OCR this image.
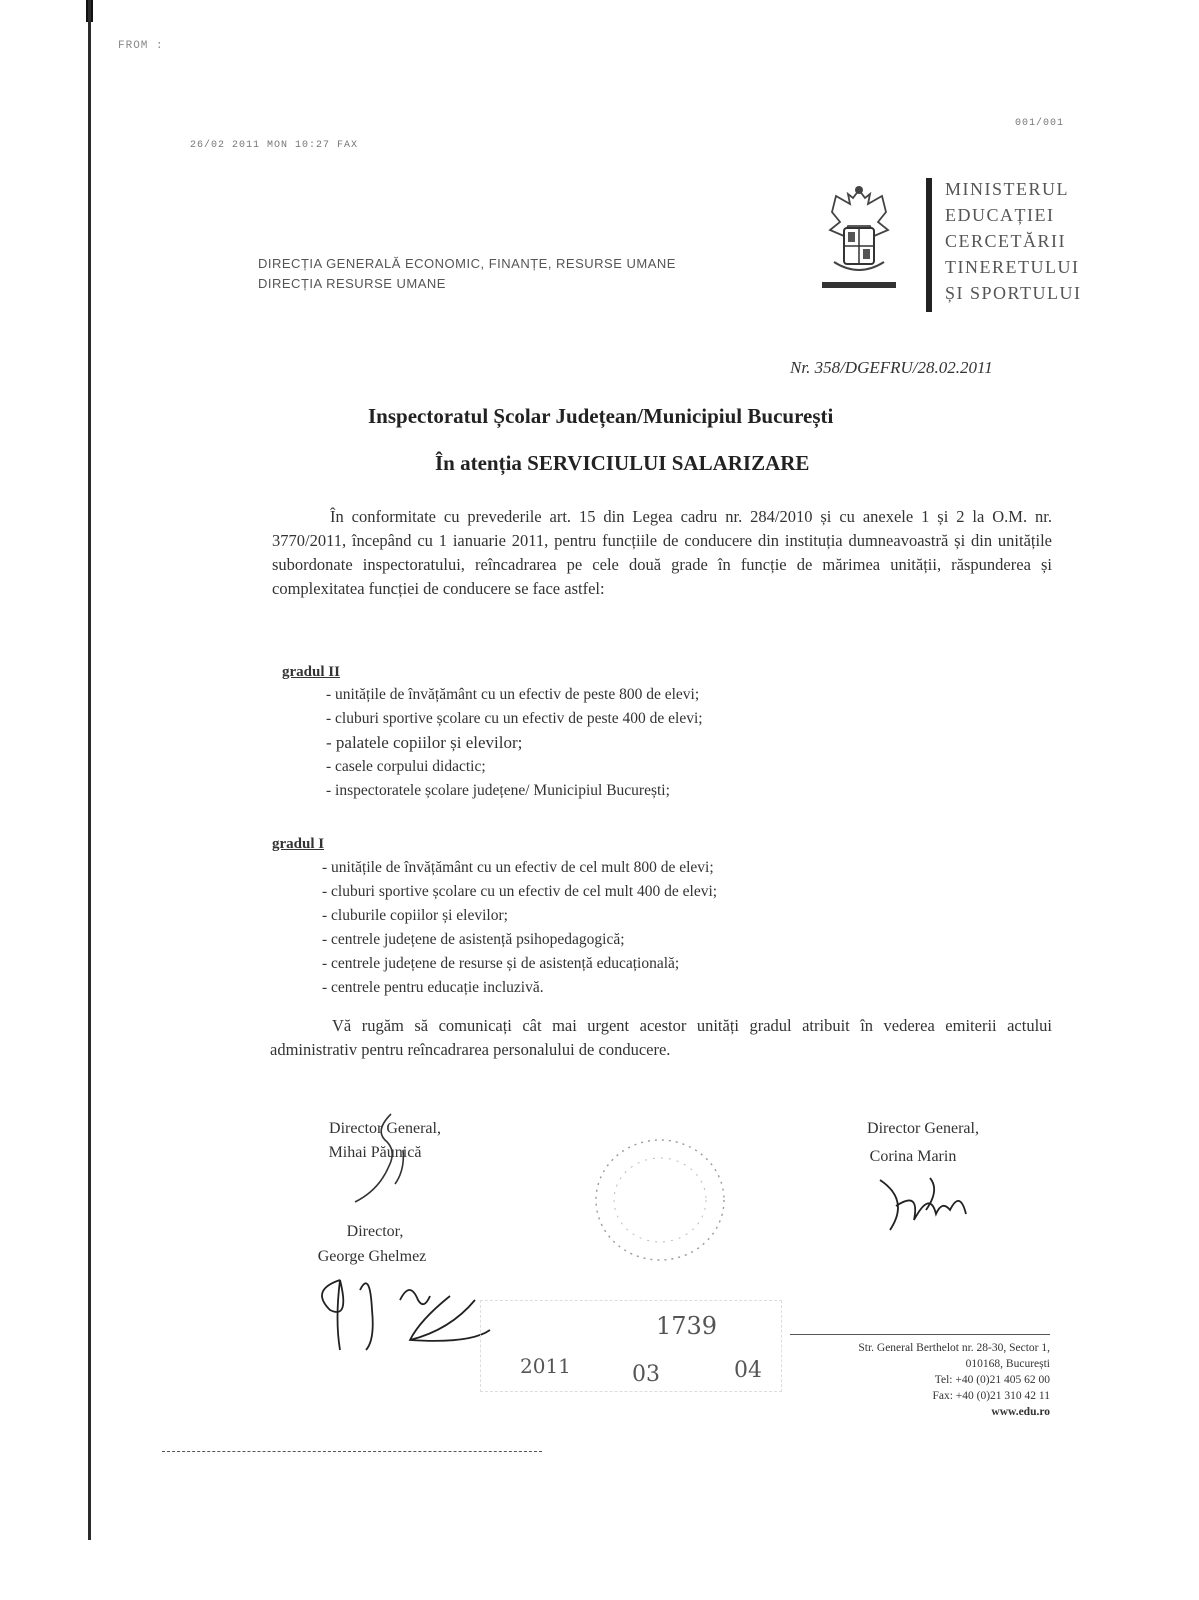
FROM :
26/02 2011 MON 10:27 FAX
001/001
DIRECȚIA GENERALĂ ECONOMIC, FINANȚE, RESURSE UMANE
DIRECȚIA RESURSE UMANE
MINISTERUL
EDUCAȚIEI
CERCETĂRII
TINERETULUI
ȘI SPORTULUI
Nr. 358/DGEFRU/28.02.2011
Inspectoratul Școlar Județean/Municipiul București
În atenția SERVICIULUI SALARIZARE
În conformitate cu prevederile art. 15 din Legea cadru nr. 284/2010 și cu anexele 1 și 2 la O.M. nr. 3770/2011, începând cu 1 ianuarie 2011, pentru funcțiile de conducere din instituția dumneavoastră și din unitățile subordonate inspectoratului, reîncadrarea pe cele două grade în funcție de mărimea unității, răspunderea și complexitatea funcției de conducere se face astfel:
gradul II
- unitățile de învățământ cu un efectiv de peste 800 de elevi;
- cluburi sportive școlare cu un efectiv de peste 400 de elevi;
- palatele copiilor și elevilor;
- casele corpului didactic;
- inspectoratele școlare județene/ Municipiul București;
gradul I
- unitățile de învățământ cu un efectiv de cel mult 800 de elevi;
- cluburi sportive școlare cu un efectiv de cel mult 400 de elevi;
- cluburile copiilor și elevilor;
- centrele județene de asistență psihopedagogică;
- centrele județene de resurse și de asistență educațională;
- centrele pentru educație incluzivă.
Vă rugăm să comunicați cât mai urgent acestor unități gradul atribuit în vederea emiterii actului administrativ pentru reîncadrarea personalului de conducere.
Director General,
Mihai Păunică
Director General,
Corina Marin
Director,
George Ghelmez
1739
2011	03	04
Str. General Berthelot nr. 28-30, Sector 1,
010168, București
Tel: +40 (0)21 405 62 00
Fax: +40 (0)21 310 42 11
www.edu.ro
